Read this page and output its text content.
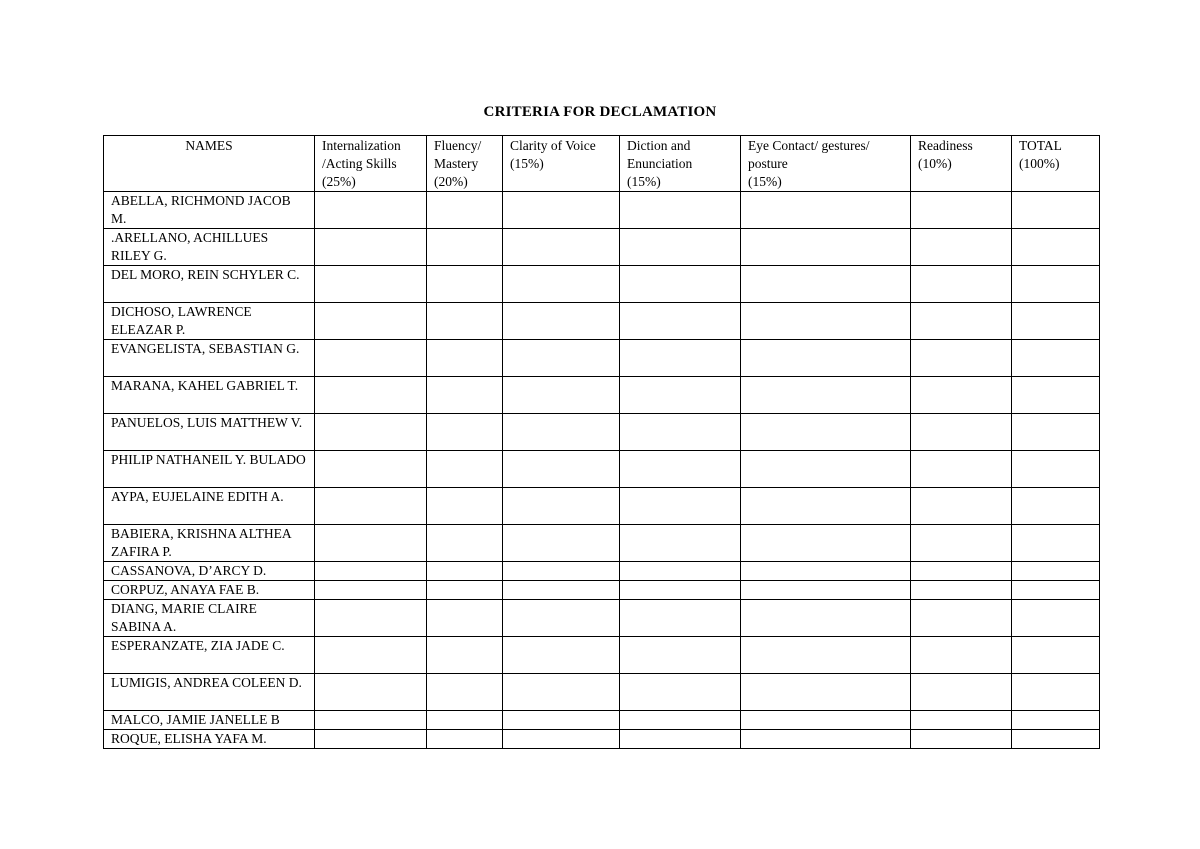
CRITERIA FOR DECLAMATION
NAMES	Internalization
/Acting Skills
(25%)	Fluency/
Mastery
(20%)	Clarity of Voice
(15%)	Diction and
Enunciation
(15%)	Eye Contact/ gestures/
posture
(15%)	Readiness
(10%)	TOTAL
(100%)

ABELLA, RICHMOND JACOB M.							
.ARELLANO, ACHILLUES RILEY G.							
DEL MORO, REIN SCHYLER C.							
DICHOSO, LAWRENCE ELEAZAR P.							
EVANGELISTA, SEBASTIAN G.							
MARANA, KAHEL GABRIEL T.							
PANUELOS, LUIS MATTHEW V.							
PHILIP NATHANEIL Y. BULADO							
AYPA, EUJELAINE EDITH A.							
BABIERA, KRISHNA ALTHEA ZAFIRA P.							
CASSANOVA, D’ARCY D.							
CORPUZ, ANAYA FAE B.							
DIANG, MARIE CLAIRE SABINA A.							
ESPERANZATE, ZIA JADE C.							
LUMIGIS, ANDREA COLEEN D.							
MALCO, JAMIE JANELLE B							
ROQUE, ELISHA YAFA M.							
